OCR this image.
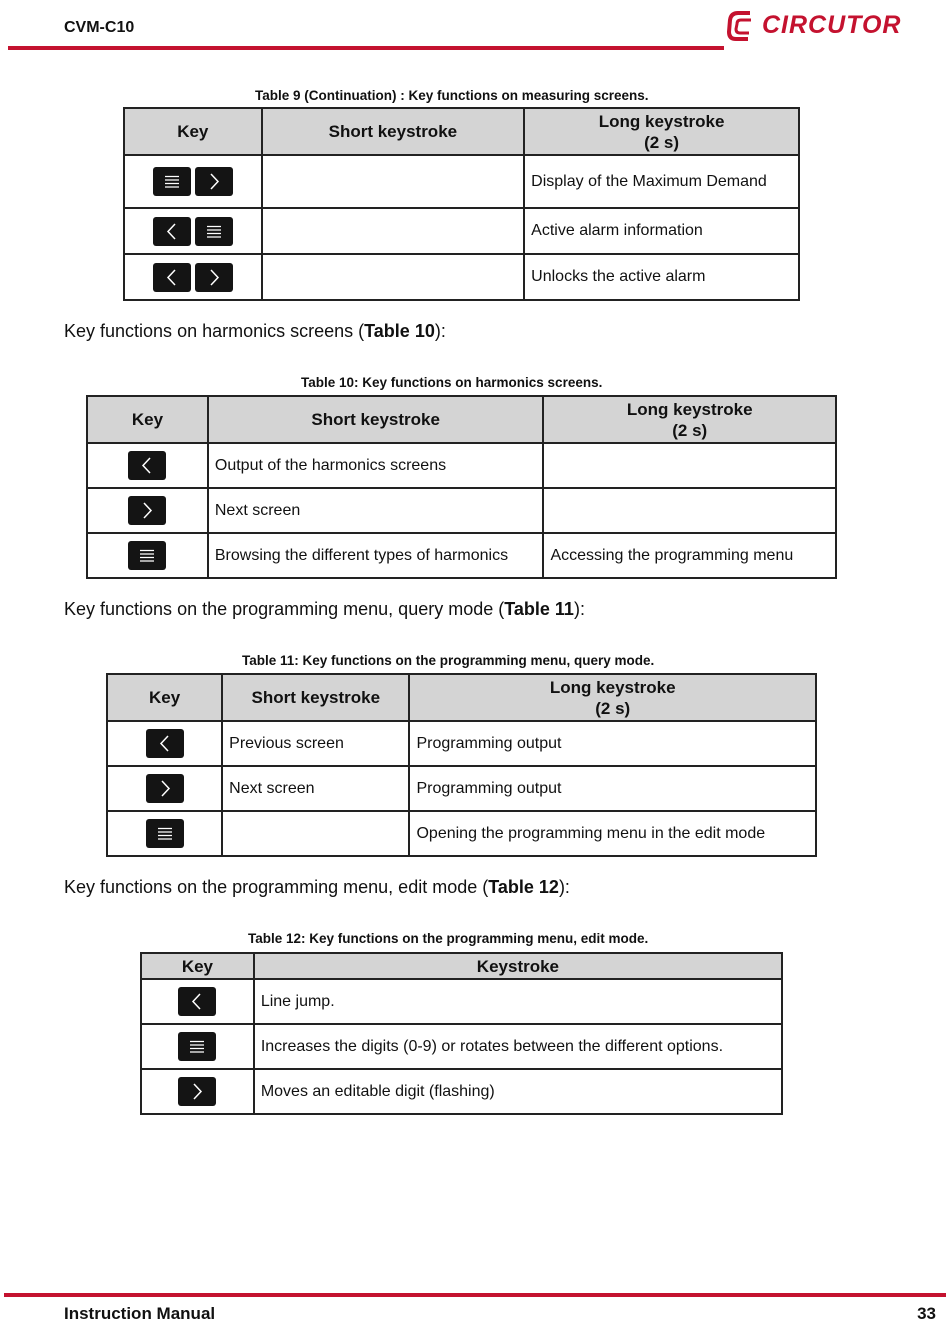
CVM-C10	CIRCUTOR
Table 9 (Continuation) : Key functions on measuring screens.
Key	Short keystroke	Long keystroke
(2 s)

		Display of the Maximum Demand

		Active alarm information

		Unlocks the active alarm
Key functions on harmonics screens (Table 10):
Table 10: Key functions on harmonics screens.
Key	Short keystroke	Long keystroke
(2 s)

	Output of the harmonics screens	

	Next screen	

	Browsing the different types of harmonics	Accessing the programming menu
Key functions on the programming menu, query mode (Table 11):
Table 11: Key functions on the programming menu, query mode.
Key	Short keystroke	Long keystroke
(2 s)

	Previous screen	Programming output

	Next screen	Programming output

		Opening the programming menu in the edit mode
Key functions on the programming menu, edit mode (Table 12):
Table 12: Key functions on the programming menu, edit mode.
Key	Keystroke

	Line jump.

	Increases the digits (0-9) or rotates between the different options.

	Moves an editable digit (flashing)
Instruction Manual	33
